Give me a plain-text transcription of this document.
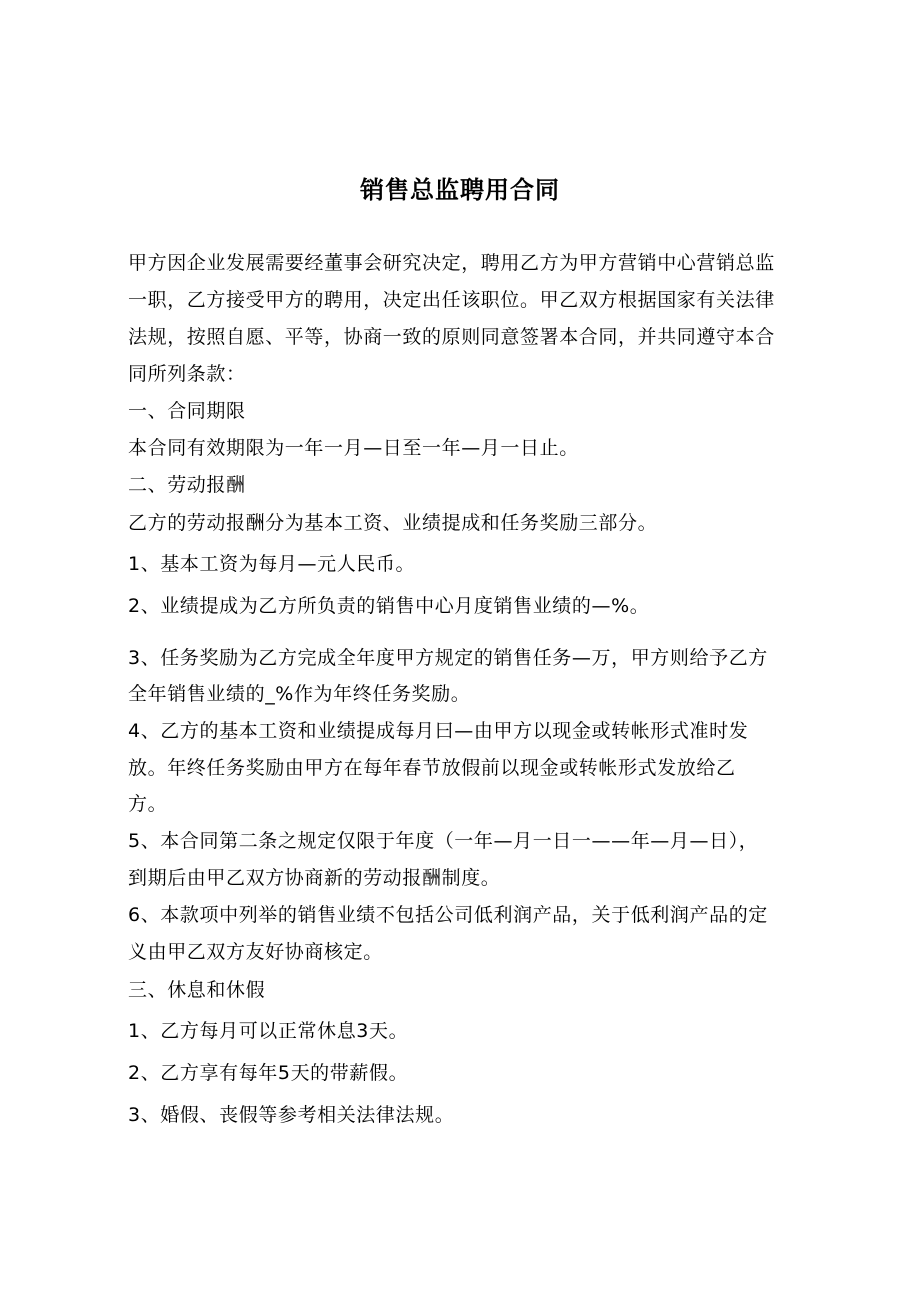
销售总监聘用合同
甲方因企业发展需要经董事会研究决定，聘用乙方为甲方营销中心营销总监
一职，乙方接受甲方的聘用，决定出任该职位。甲乙双方根据国家有关法律
法规，按照自愿、平等，协商一致的原则同意签署本合同，并共同遵守本合
同所列条款：
一、合同期限
本合同有效期限为一年一月—日至一年—月一日止。
二、劳动报酬
乙方的劳动报酬分为基本工资、业绩提成和任务奖励三部分。
1、基本工资为每月—元人民币。
2、业绩提成为乙方所负责的销售中心月度销售业绩的—%。
3、任务奖励为乙方完成全年度甲方规定的销售任务—万，甲方则给予乙方
全年销售业绩的_%作为年终任务奖励。
4、乙方的基本工资和业绩提成每月曰—由甲方以现金或转帐形式准时发
放。年终任务奖励由甲方在每年春节放假前以现金或转帐形式发放给乙
方。
5、本合同第二条之规定仅限于年度（一年—月一日一——年—月—日），
到期后由甲乙双方协商新的劳动报酬制度。
6、本款项中列举的销售业绩不包括公司低利润产品，关于低利润产品的定
义由甲乙双方友好协商核定。
三、休息和休假
1、乙方每月可以正常休息3天。
2、乙方享有每年5天的带薪假。
3、婚假、丧假等参考相关法律法规。
